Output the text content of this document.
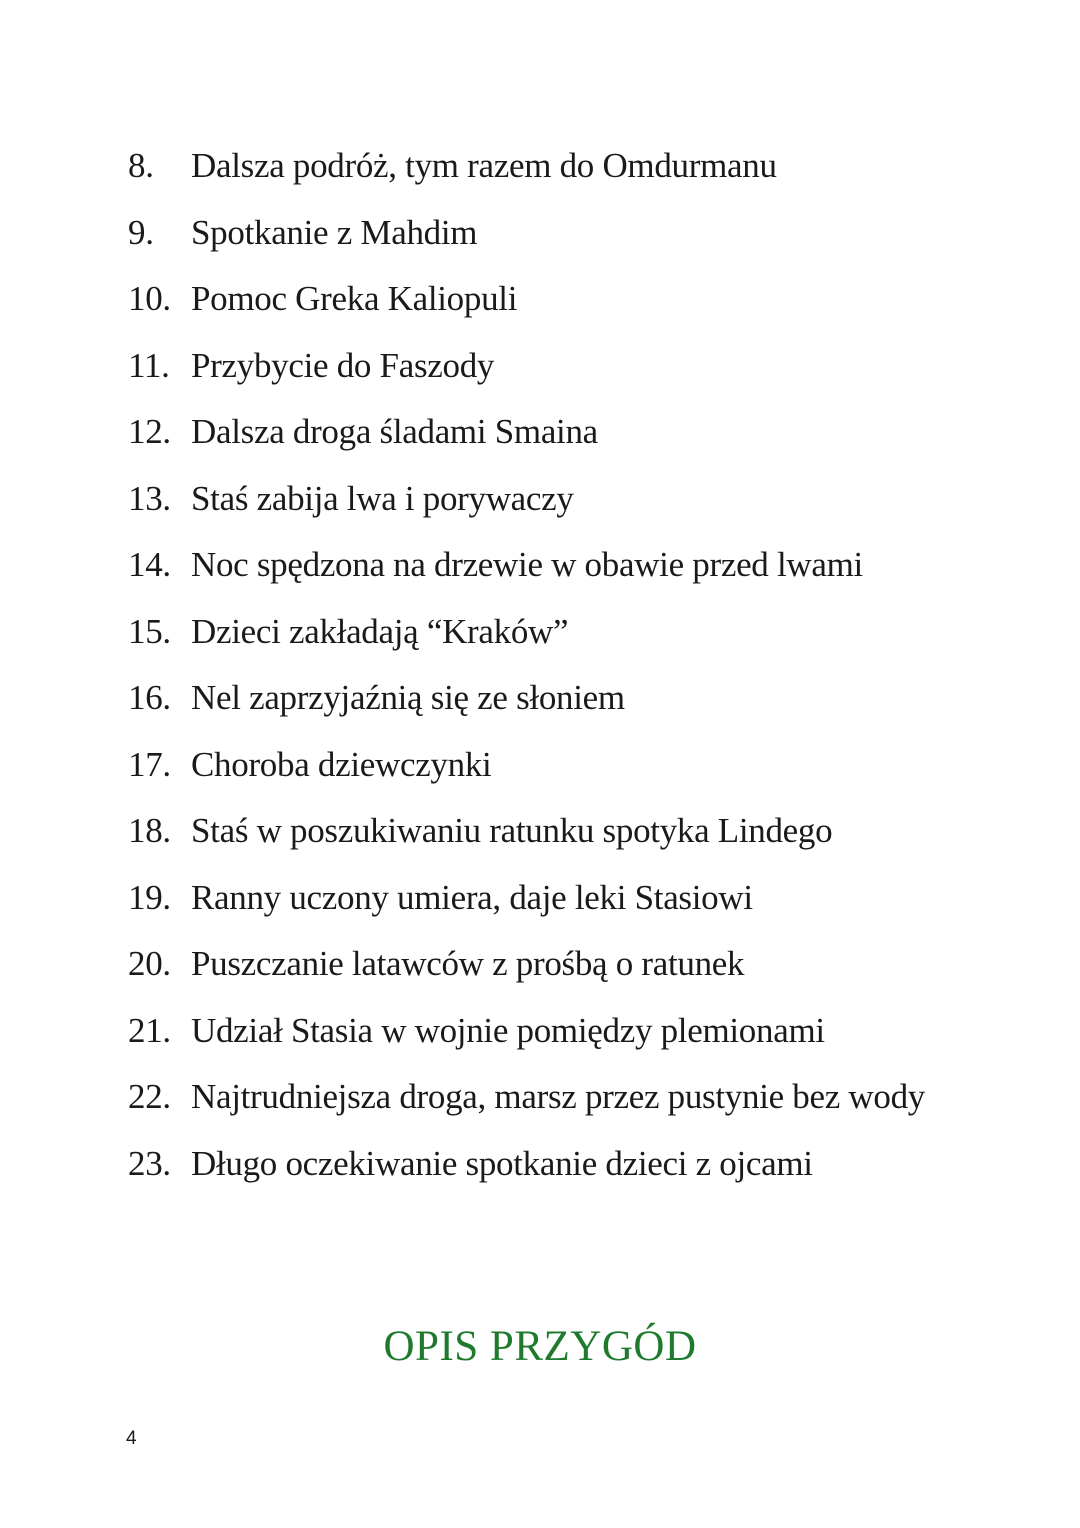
8.	Dalsza podróż, tym razem do Omdurmanu
9.	Spotkanie z Mahdim
10. Pomoc Greka Kaliopuli
11. Przybycie do Faszody
12. Dalsza droga śladami Smaina
13. Staś zabija lwa i porywaczy
14. Noc spędzona na drzewie w obawie przed lwami
15. Dzieci zakładają “Kraków”
16. Nel zaprzyjaźnią się ze słoniem
17. Choroba dziewczynki
18. Staś w poszukiwaniu ratunku spotyka Lindego
19. Ranny uczony umiera, daje leki Stasiowi
20. Puszczanie latawców z prośbą o ratunek
21. Udział Stasia w wojnie pomiędzy plemionami
22. Najtrudniejsza droga, marsz przez pustynie bez wody
23. Długo oczekiwanie spotkanie dzieci z ojcami
OPIS PRZYGÓD
4
